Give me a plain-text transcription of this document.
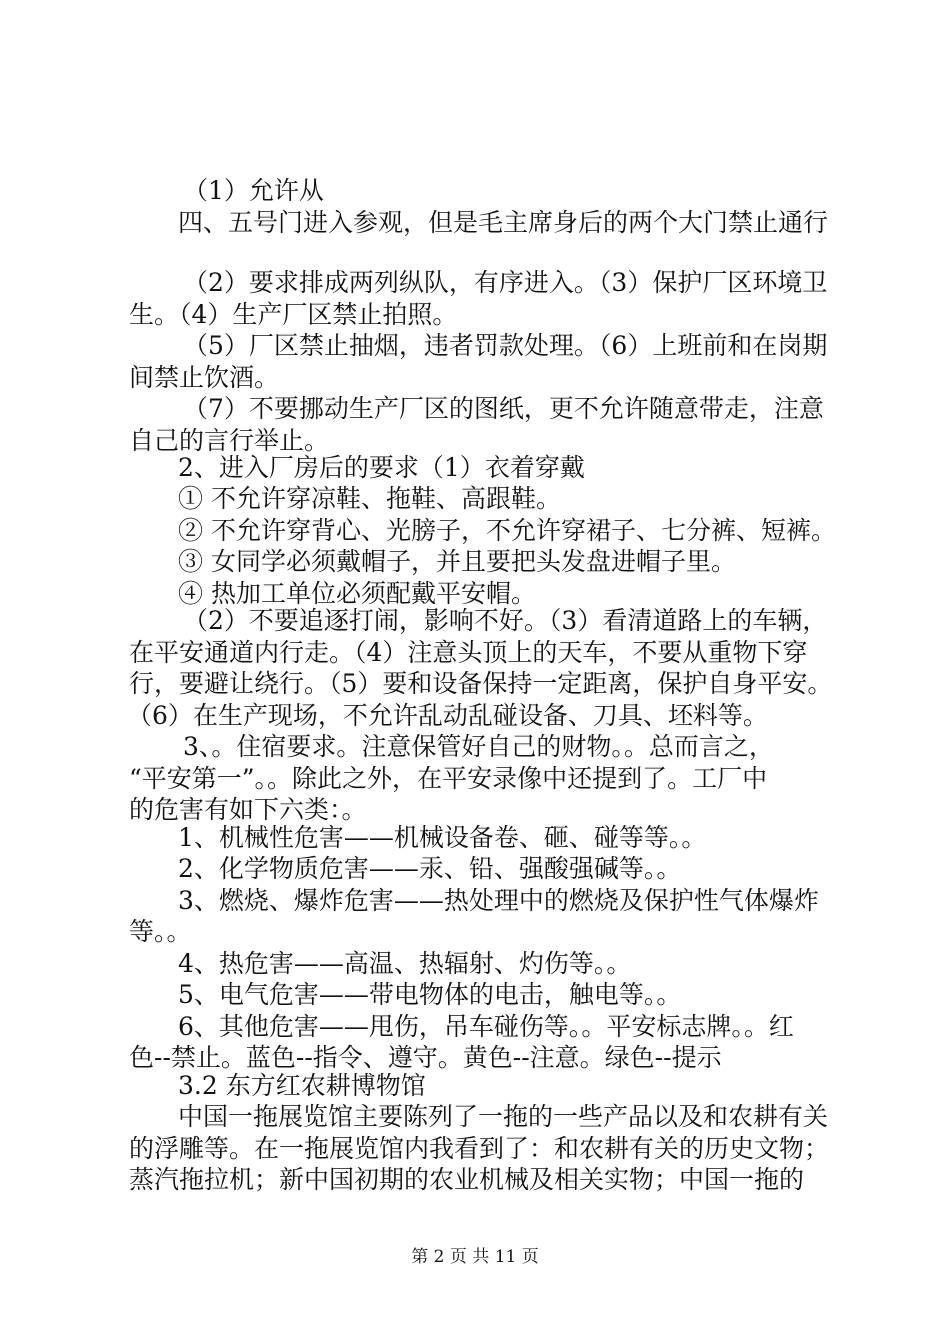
（1）允许从
四、五号门进入参观，但是毛主席身后的两个大门禁止通行
（2）要求排成两列纵队，有序进入。（3）保护厂区环境卫
生。（4）生产厂区禁止拍照。
（5）厂区禁止抽烟，违者罚款处理。（6）上班前和在岗期
间禁止饮酒。
（7）不要挪动生产厂区的图纸，更不允许随意带走，注意
自己的言行举止。
2、进入厂房后的要求（1）衣着穿戴
① 不允许穿凉鞋、拖鞋、高跟鞋。
② 不允许穿背心、光膀子，不允许穿裙子、七分裤、短裤。
③ 女同学必须戴帽子，并且要把头发盘进帽子里。
④ 热加工单位必须配戴平安帽。
（2）不要追逐打闹，影响不好。（3）看清道路上的车辆，
在平安通道内行走。（4）注意头顶上的天车，不要从重物下穿
行，要避让绕行。（5）要和设备保持一定距离，保护自身平安。
（6）在生产现场，不允许乱动乱碰设备、刀具、坯料等。
3、。住宿要求。注意保管好自己的财物。。总而言之，
“平安第一”。。除此之外，在平安录像中还提到了。工厂中
的危害有如下六类：。
1、机械性危害——机械设备卷、砸、碰等等。。
2、化学物质危害——汞、铅、强酸强碱等。。
3、燃烧、爆炸危害——热处理中的燃烧及保护性气体爆炸
等。。
4、热危害——高温、热辐射、灼伤等。。
5、电气危害——带电物体的电击，触电等。。
6、其他危害——甩伤，吊车碰伤等。。平安标志牌。。红
色--禁止。蓝色--指令、遵守。黄色--注意。绿色--提示
3.2 东方红农耕博物馆
中国一拖展览馆主要陈列了一拖的一些产品以及和农耕有关
的浮雕等。在一拖展览馆内我看到了：和农耕有关的历史文物；
蒸汽拖拉机；新中国初期的农业机械及相关实物；中国一拖的
第 2 页 共 11 页
